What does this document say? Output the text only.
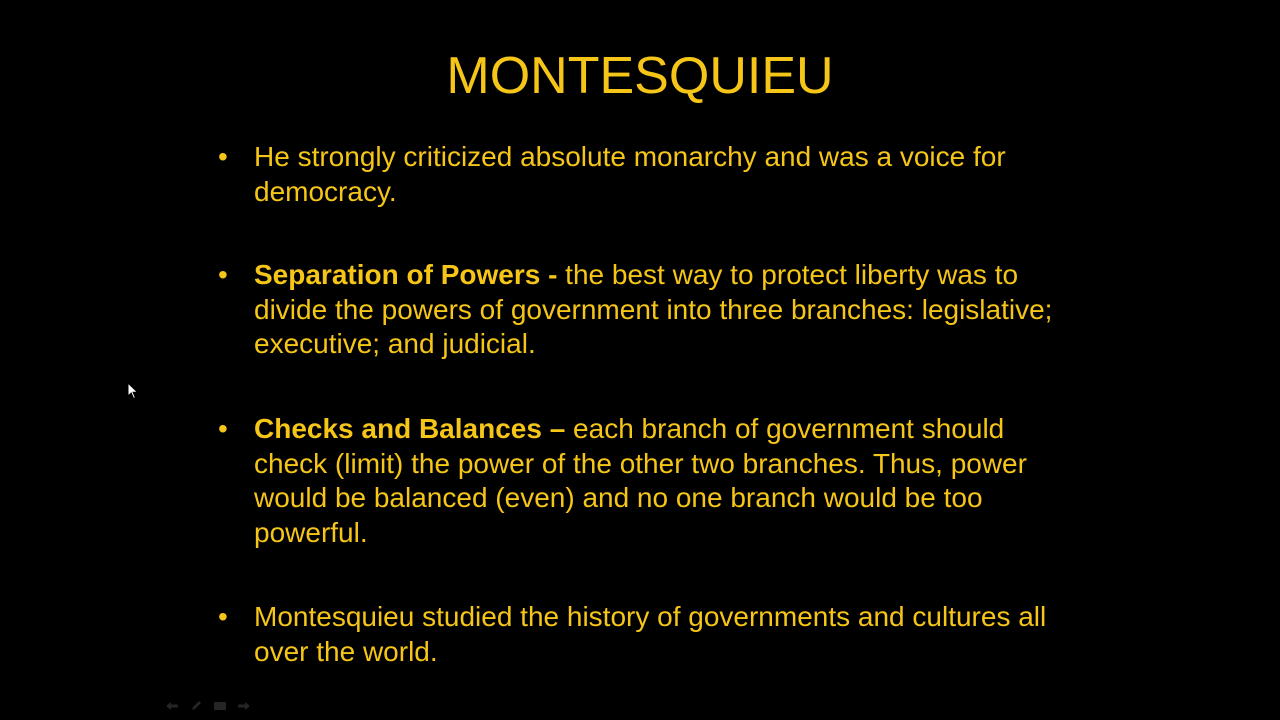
MONTESQUIEU
• He strongly criticized absolute monarchy and was a voice for democracy.
• Separation of Powers - the best way to protect liberty was to divide the powers of government into three branches: legislative; executive; and judicial.
• Checks and Balances – each branch of government should check (limit) the power of the other two branches. Thus, power would be balanced (even) and no one branch would be too powerful.
• Montesquieu studied the history of governments and cultures all over the world.
